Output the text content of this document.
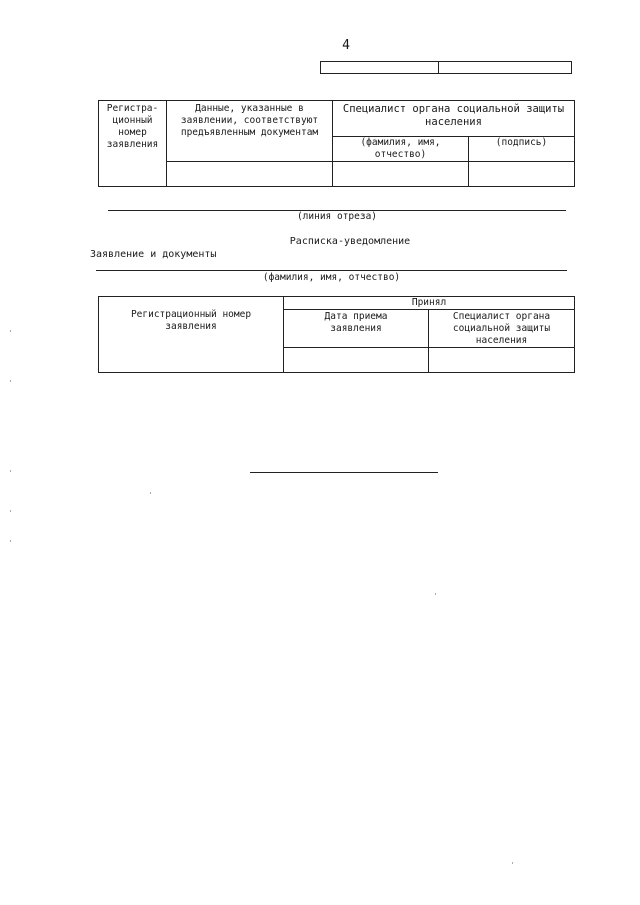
4
Регистра-ционный номер заявления	Данные, указанные в заявлении, соответствуют предъявленным документам	Специалист органа социальной защиты населения	
		(фамилия, имя, отчество)	(подпись)

(линия отреза)
Расписка-уведомление
Заявление и документы
(фамилия, имя, отчество)
Регистрационный номер заявления	Принял	
	Дата приема заявления	Специалист органа социальной защиты населения
